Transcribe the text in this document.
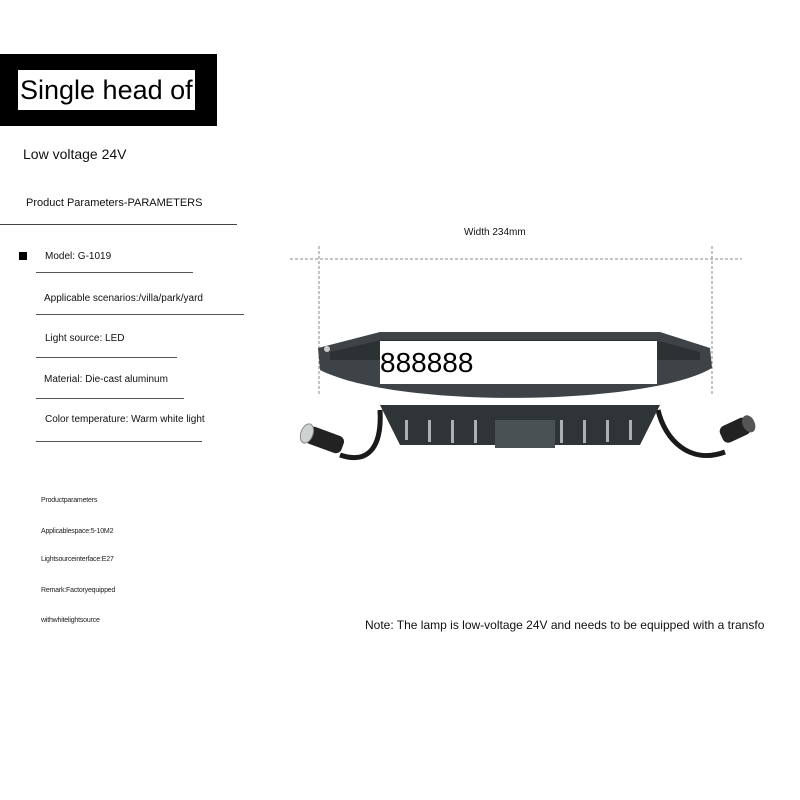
Single head of A
Low voltage 24V
Product Parameters-PARAMETERS
Model: G-1019
Applicable scenarios:/villa/park/yard
Light source: LED
Material: Die-cast aluminum
Color temperature: Warm white light
Productparameters
Applicablespace:5-10M2
Lightsourceinterface:E27
Remark:Factoryequipped
withwhitelightsource
Width 234mm
888888
Note: The lamp is low-voltage 24V and needs to be equipped with a transfo
